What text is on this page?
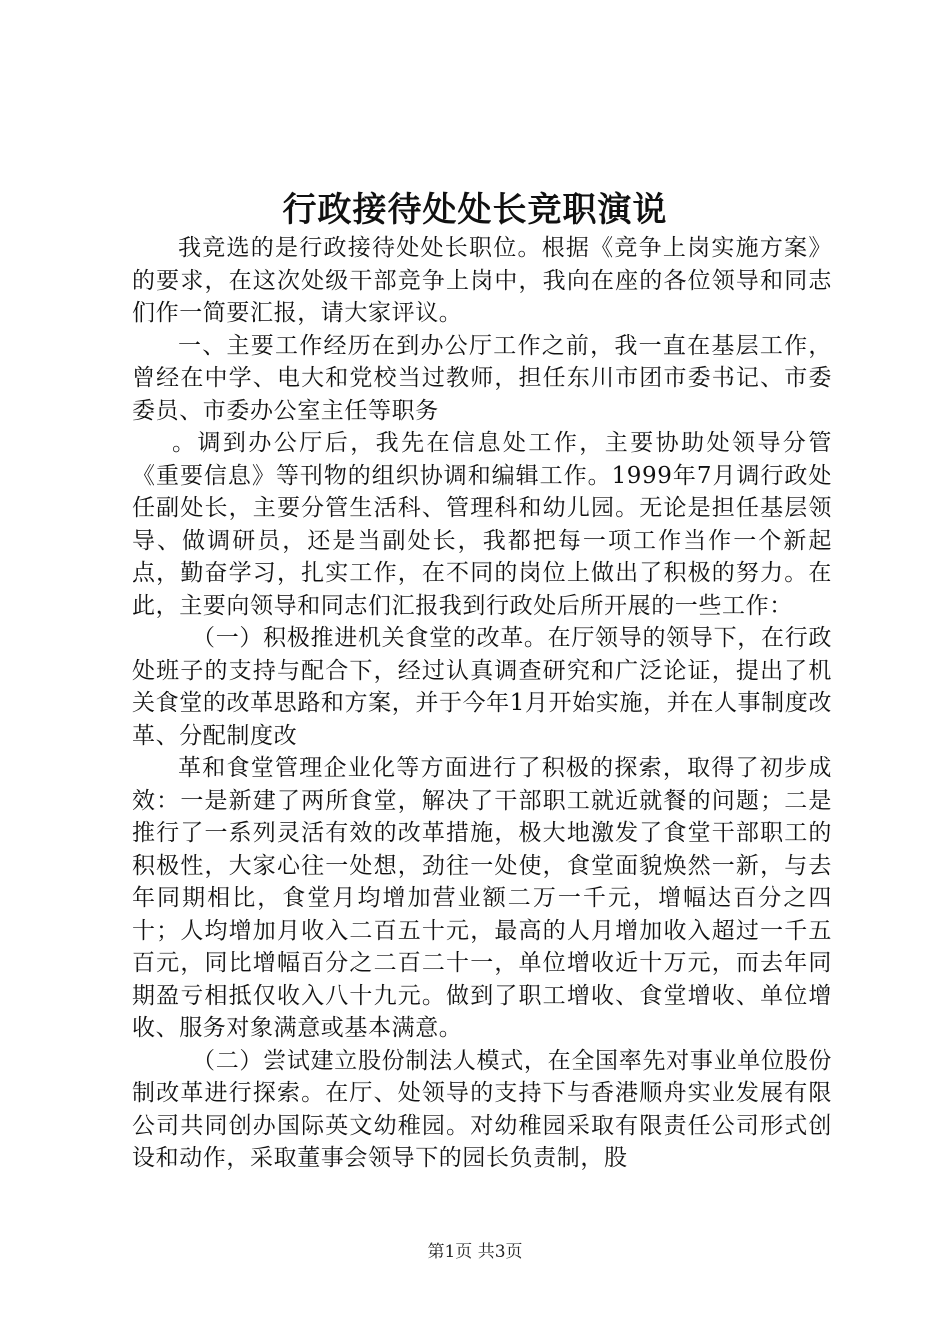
行政接待处处长竞职演说

我竞选的是行政接待处处长职位。根据《竞争上岗实施方案》的要求，在这次处级干部竞争上岗中，我向在座的各位领导和同志们作一简要汇报，请大家评议。

一、主要工作经历在到办公厅工作之前，我一直在基层工作，曾经在中学、电大和党校当过教师，担任东川市团市委书记、市委委员、市委办公室主任等职务

。调到办公厅后，我先在信息处工作，主要协助处领导分管《重要信息》等刊物的组织协调和编辑工作。1999年7月调行政处任副处长，主要分管生活科、管理科和幼儿园。无论是担任基层领导、做调研员，还是当副处长，我都把每一项工作当作一个新起点，勤奋学习，扎实工作，在不同的岗位上做出了积极的努力。在此，主要向领导和同志们汇报我到行政处后所开展的一些工作：

（一）积极推进机关食堂的改革。在厅领导的领导下，在行政处班子的支持与配合下，经过认真调查研究和广泛论证，提出了机关食堂的改革思路和方案，并于今年1月开始实施，并在人事制度改革、分配制度改

革和食堂管理企业化等方面进行了积极的探索，取得了初步成效：一是新建了两所食堂，解决了干部职工就近就餐的问题；二是推行了一系列灵活有效的改革措施，极大地激发了食堂干部职工的积极性，大家心往一处想，劲往一处使，食堂面貌焕然一新，与去年同期相比，食堂月均增加营业额二万一千元，增幅达百分之四十；人均增加月收入二百五十元，最高的人月增加收入超过一千五百元，同比增幅百分之二百二十一，单位增收近十万元，而去年同期盈亏相抵仅收入八十九元。做到了职工增收、食堂增收、单位增收、服务对象满意或基本满意。

（二）尝试建立股份制法人模式，在全国率先对事业单位股份制改革进行探索。在厅、处领导的支持下与香港顺舟实业发展有限公司共同创办国际英文幼稚园。对幼稚园采取有限责任公司形式创设和动作，采取董事会领导下的园长负责制，股

第1页 共3页
